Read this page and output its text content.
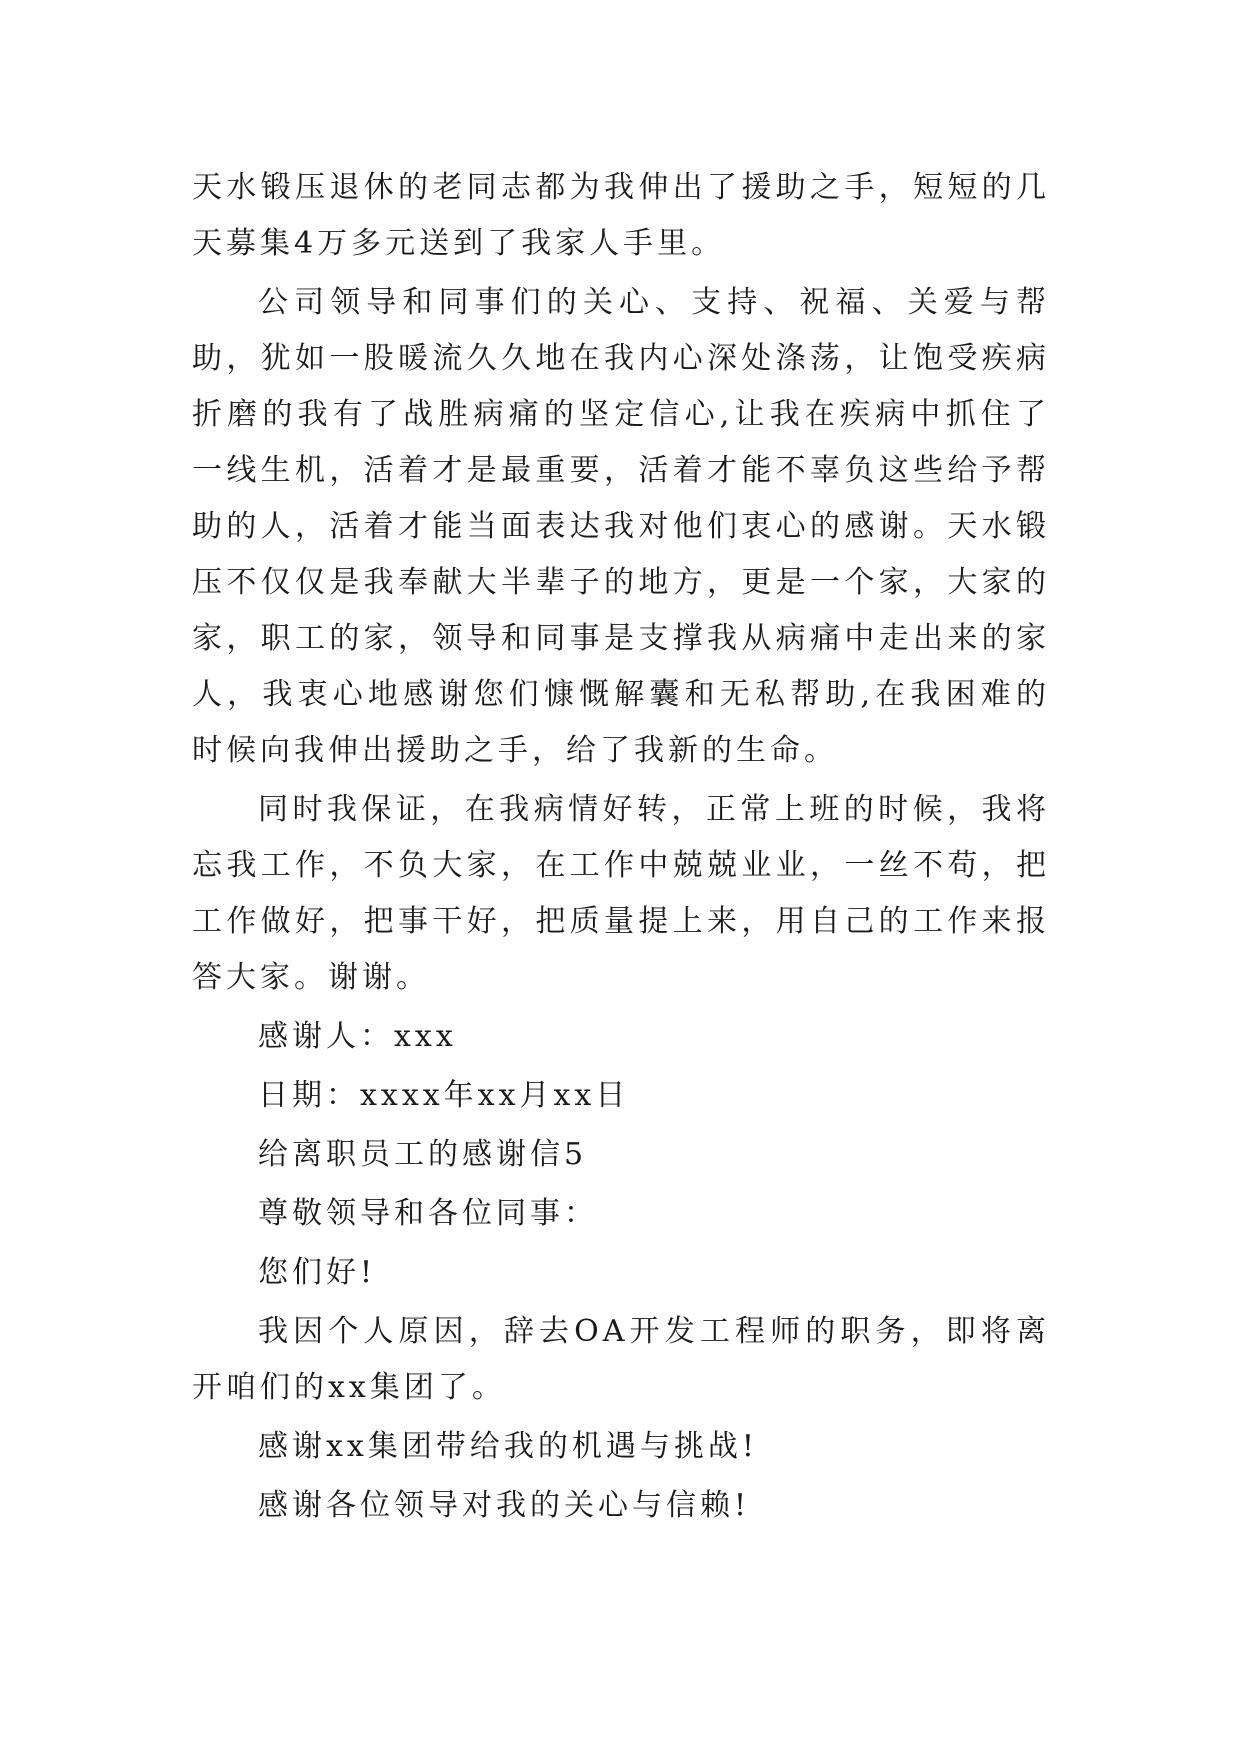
天水锻压退休的老同志都为我伸出了援助之手，短短的几天募集4万多元送到了我家人手里。

公司领导和同事们的关心、支持、祝福、关爱与帮助，犹如一股暖流久久地在我内心深处涤荡，让饱受疾病折磨的我有了战胜病痛的坚定信心,让我在疾病中抓住了一线生机，活着才是最重要，活着才能不辜负这些给予帮助的人，活着才能当面表达我对他们衷心的感谢。天水锻压不仅仅是我奉献大半辈子的地方，更是一个家，大家的家，职工的家，领导和同事是支撑我从病痛中走出来的家人，我衷心地感谢您们慷慨解囊和无私帮助,在我困难的时候向我伸出援助之手，给了我新的生命。

同时我保证，在我病情好转，正常上班的时候，我将忘我工作，不负大家，在工作中兢兢业业，一丝不苟，把工作做好，把事干好，把质量提上来，用自己的工作来报答大家。谢谢。

感谢人：xxx

日期：xxxx年xx月xx日

给离职员工的感谢信5

尊敬领导和各位同事：

您们好!

我因个人原因，辞去OA开发工程师的职务，即将离开咱们的xx集团了。

感谢xx集团带给我的机遇与挑战!

感谢各位领导对我的关心与信赖!
